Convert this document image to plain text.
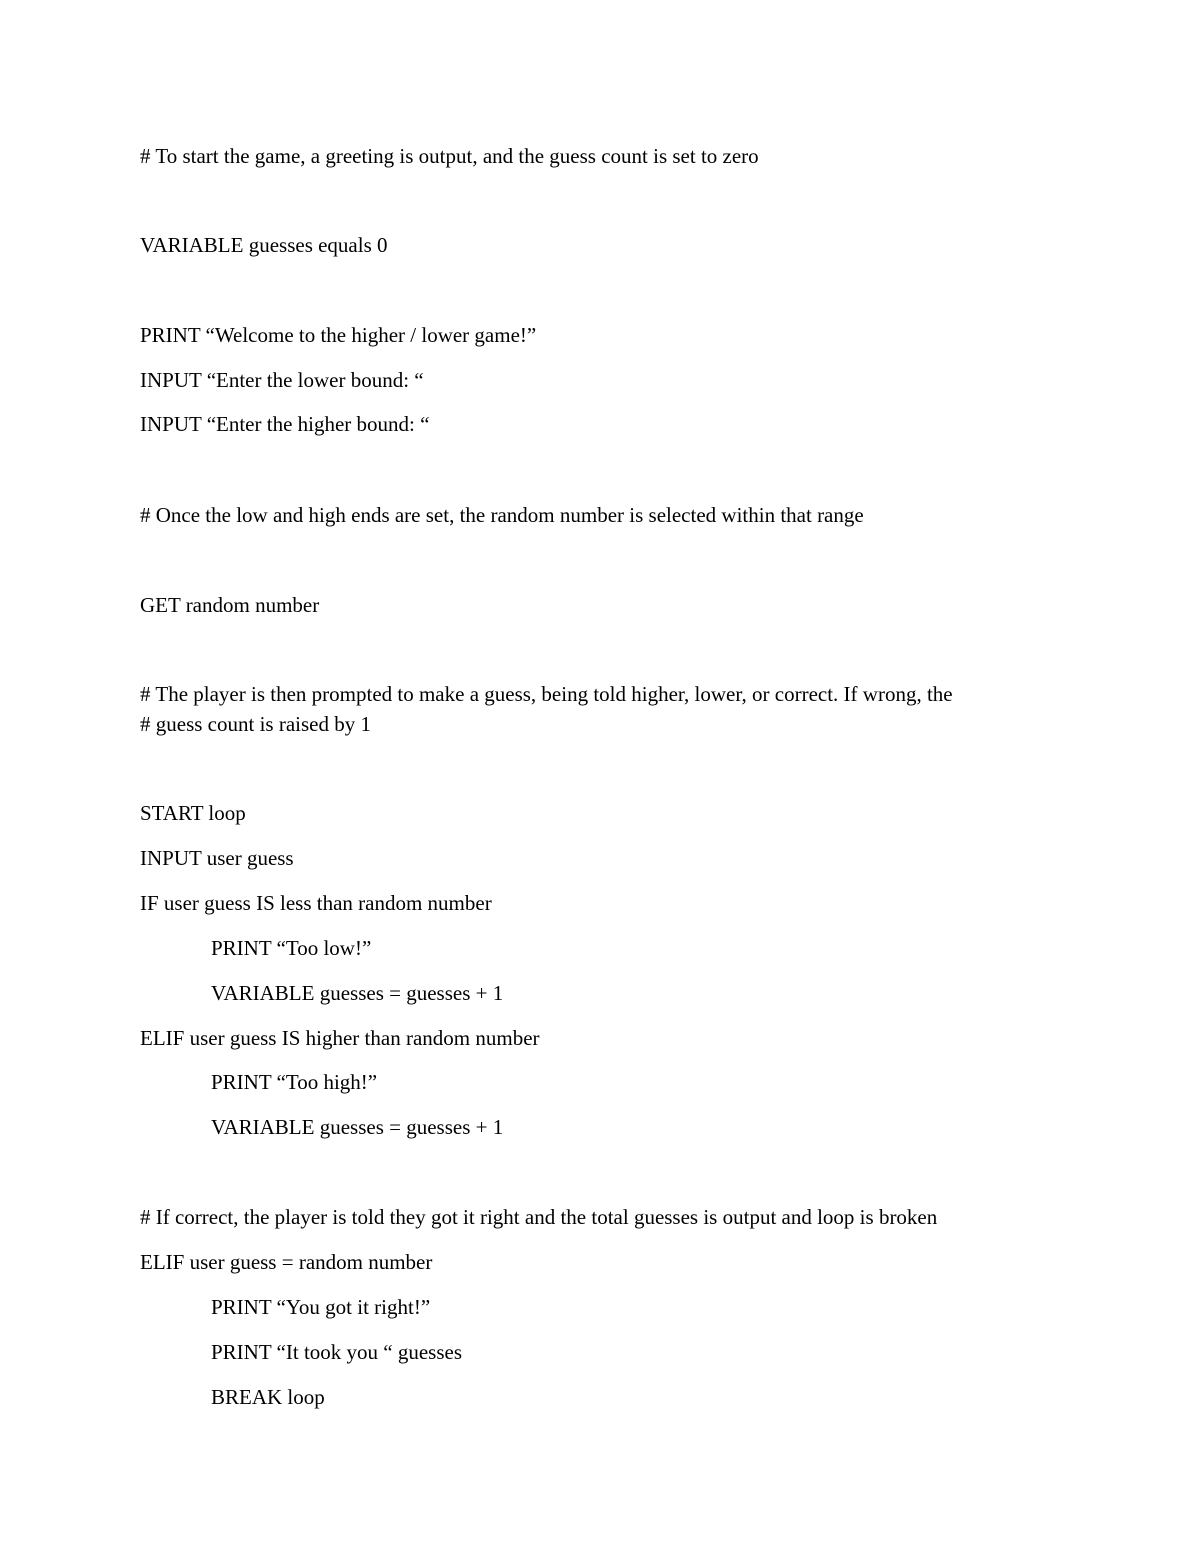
# To start the game, a greeting is output, and the guess count is set to zero

VARIABLE guesses equals 0

PRINT “Welcome to the higher / lower game!”

INPUT “Enter the lower bound: “

INPUT “Enter the higher bound: “

# Once the low and high ends are set, the random number is selected within that range

GET random number

# The player is then prompted to make a guess, being told higher, lower, or correct. If wrong, the

# guess count is raised by 1

START loop

INPUT user guess

IF user guess IS less than random number

PRINT “Too low!”

VARIABLE guesses = guesses + 1

ELIF user guess IS higher than random number

PRINT “Too high!”

VARIABLE guesses = guesses + 1

# If correct, the player is told they got it right and the total guesses is output and loop is broken

ELIF user guess = random number

PRINT “You got it right!”

PRINT “It took you “ guesses

BREAK loop
